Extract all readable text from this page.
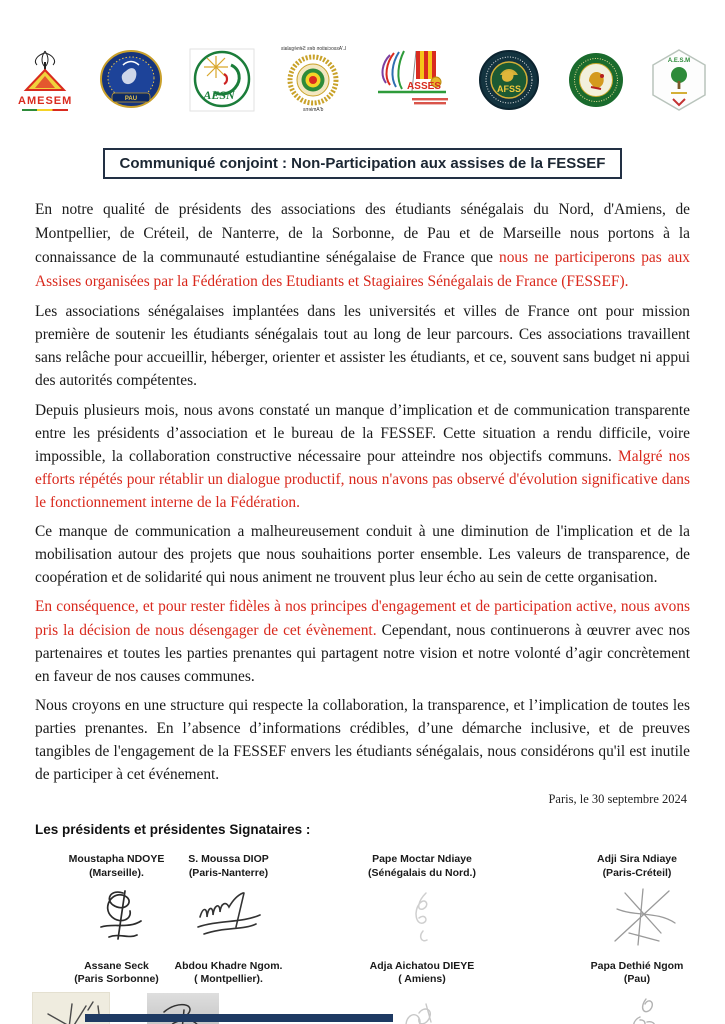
AMESEM	PAU	AESN
L'Association des Sénégalais
d'Amiens
ASSES	AFSS
A.E.S.M
Communiqué conjoint : Non-Participation aux assises de la FESSEF

En notre qualité de présidents des associations des étudiants sénégalais du Nord, d'Amiens, de Montpellier, de Créteil, de Nanterre, de la Sorbonne, de Pau et de Marseille nous portons à la connaissance de la communauté estudiantine sénégalaise de France que nous ne participerons pas aux Assises organisées par la Fédération des Etudiants et Stagiaires Sénégalais de France (FESSEF).

Les associations sénégalaises implantées dans les universités et villes de France ont pour mission première de soutenir les étudiants sénégalais tout au long de leur parcours. Ces associations travaillent sans relâche pour accueillir, héberger, orienter et assister les étudiants, et ce, souvent sans budget ni appui des autorités compétentes.

Depuis plusieurs mois, nous avons constaté un manque d’implication et de communication transparente entre les présidents d’association et le bureau de la FESSEF. Cette situation a rendu difficile, voire impossible, la collaboration constructive nécessaire pour atteindre nos objectifs communs. Malgré nos efforts répétés pour rétablir un dialogue productif, nous n'avons pas observé d'évolution significative dans le fonctionnement interne de la Fédération.

Ce manque de communication a malheureusement conduit à une diminution de l'implication et de la mobilisation autour des projets que nous souhaitions porter ensemble. Les valeurs de transparence, de coopération et de solidarité qui nous animent ne trouvent plus leur écho au sein de cette organisation.

En conséquence, et pour rester fidèles à nos principes d'engagement et de participation active, nous avons pris la décision de nous désengager de cet évènement. Cependant, nous continuerons à œuvrer avec nos partenaires et toutes les parties prenantes qui partagent notre vision et notre volonté d’agir concrètement en faveur de nos causes communes.

Nous croyons en une structure qui respecte la collaboration, la transparence, et l’implication de toutes les parties prenantes. En l’absence d’informations crédibles, d’une démarche inclusive, et de preuves tangibles de l'engagement de la FESSEF envers les étudiants sénégalais, nous considérons qu'il est inutile de participer à cet événement.

Paris, le 30 septembre 2024
Les présidents et présidentes Signataires :
Moustapha NDOYE
(Marseille).
S. Moussa DIOP
(Paris-Nanterre)
Pape Moctar Ndiaye
(Sénégalais du Nord.)
Adji Sira Ndiaye
(Paris-Créteil)
Assane Seck
(Paris Sorbonne)
Abdou Khadre Ngom.
( Montpellier).
Adja Aichatou DIEYE
( Amiens)
Papa Dethié Ngom
(Pau)
